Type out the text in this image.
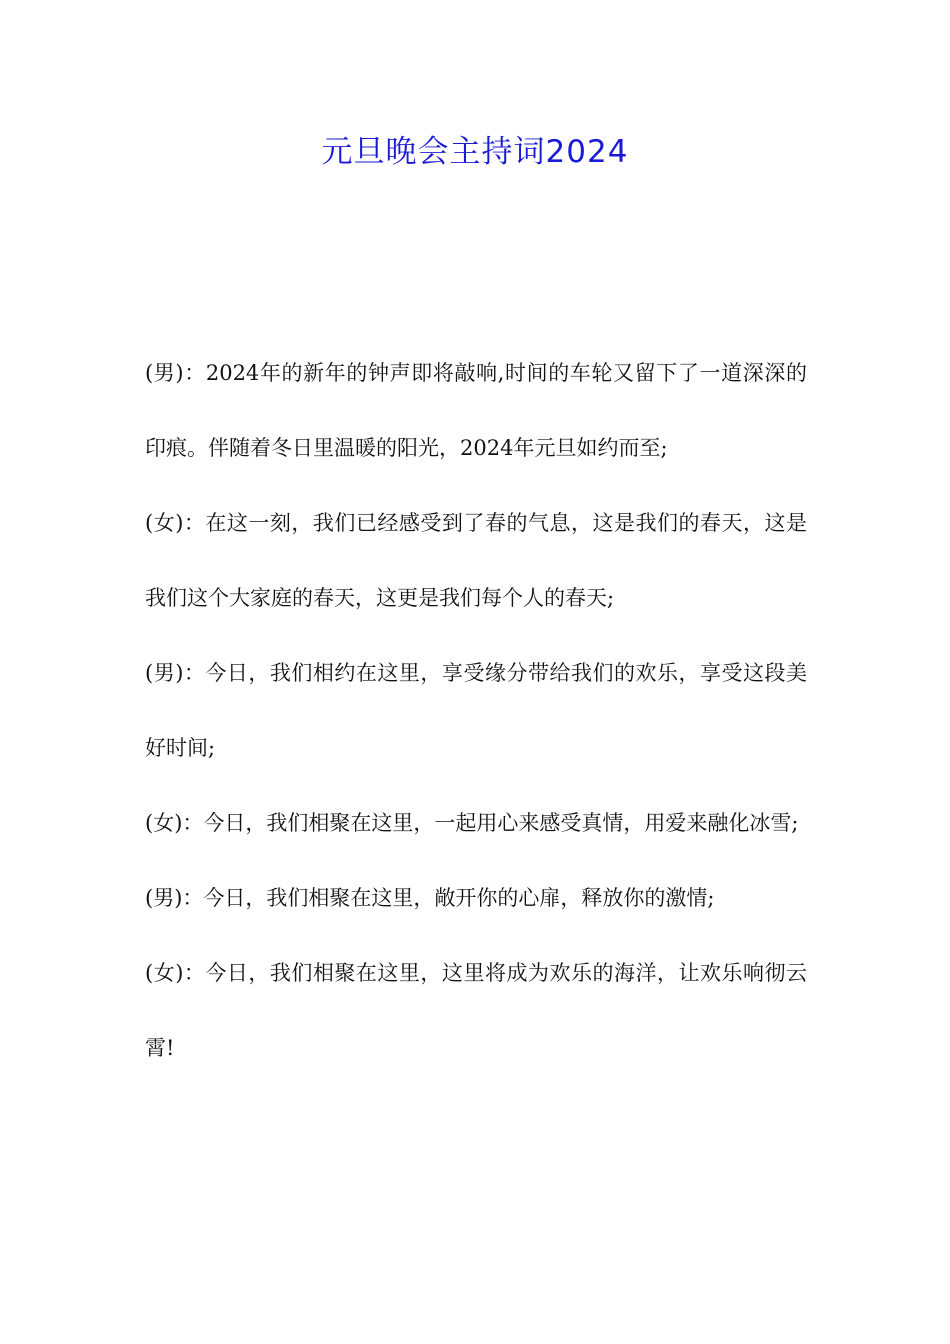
元旦晚会主持词2024

(男)：2024年的新年的钟声即将敲响,时间的车轮又留下了一道深深的印痕。伴随着冬日里温暖的阳光，2024年元旦如约而至;

(女)：在这一刻，我们已经感受到了春的气息，这是我们的春天，这是我们这个大家庭的春天，这更是我们每个人的春天;

(男)：今日，我们相约在这里，享受缘分带给我们的欢乐，享受这段美好时间;

(女)：今日，我们相聚在这里，一起用心来感受真情，用爱来融化冰雪;

(男)：今日，我们相聚在这里，敞开你的心扉，释放你的激情;

(女)：今日，我们相聚在这里，这里将成为欢乐的海洋，让欢乐响彻云霄!
